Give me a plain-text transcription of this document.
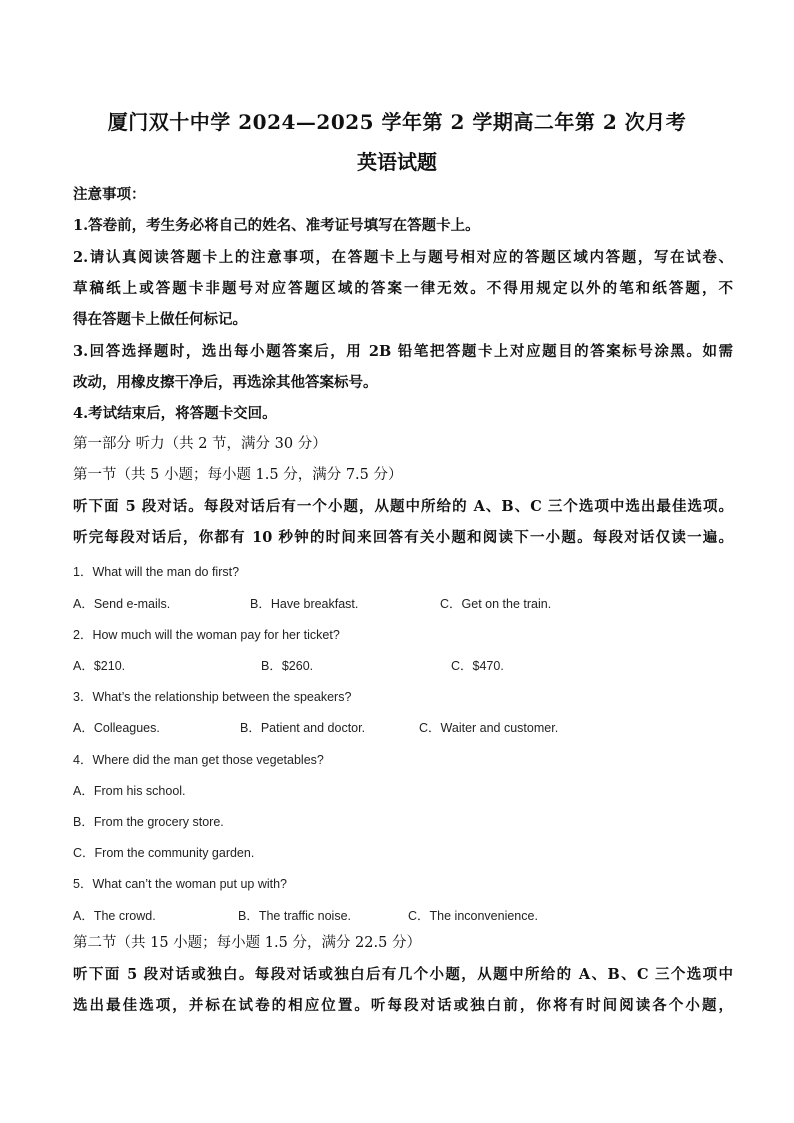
厦门双十中学 2024—2025 学年第 2 学期高二年第 2 次月考
英语试题
注意事项：
1.答卷前，考生务必将自己的姓名、准考证号填写在答题卡上。
2.请认真阅读答题卡上的注意事项，在答题卡上与题号相对应的答题区域内答题，写在试卷、
草稿纸上或答题卡非题号对应答题区域的答案一律无效。不得用规定以外的笔和纸答题，不
得在答题卡上做任何标记。
3.回答选择题时，选出每小题答案后，用 2B 铅笔把答题卡上对应题目的答案标号涂黑。如需
改动，用橡皮擦干净后，再选涂其他答案标号。
4.考试结束后，将答题卡交回。
第一部分 听力（共 2 节，满分 30 分）
第一节（共 5 小题；每小题 1.5 分，满分 7.5 分）
听下面 5 段对话。每段对话后有一个小题，从题中所给的 A、B、C 三个选项中选出最佳选项。
听完每段对话后，你都有 10 秒钟的时间来回答有关小题和阅读下一小题。每段对话仅读一遍。
1．What will the man do first?
A．Send e-mails.	B．Have breakfast.	C．Get on the train.
2．How much will the woman pay for her ticket?
A．$210.	B．$260.	C．$470.
3．What’s the relationship between the speakers?
A．Colleagues.	B．Patient and doctor.	C．Waiter and customer.
4．Where did the man get those vegetables?
A．From his school.
B．From the grocery store.
C．From the community garden.
5．What can’t the woman put up with?
A．The crowd.	B．The traffic noise.	C．The inconvenience.
第二节（共 15 小题；每小题 1.5 分，满分 22.5 分）
听下面 5 段对话或独白。每段对话或独白后有几个小题，从题中所给的 A、B、C 三个选项中
选出最佳选项，并标在试卷的相应位置。听每段对话或独白前，你将有时间阅读各个小题，
